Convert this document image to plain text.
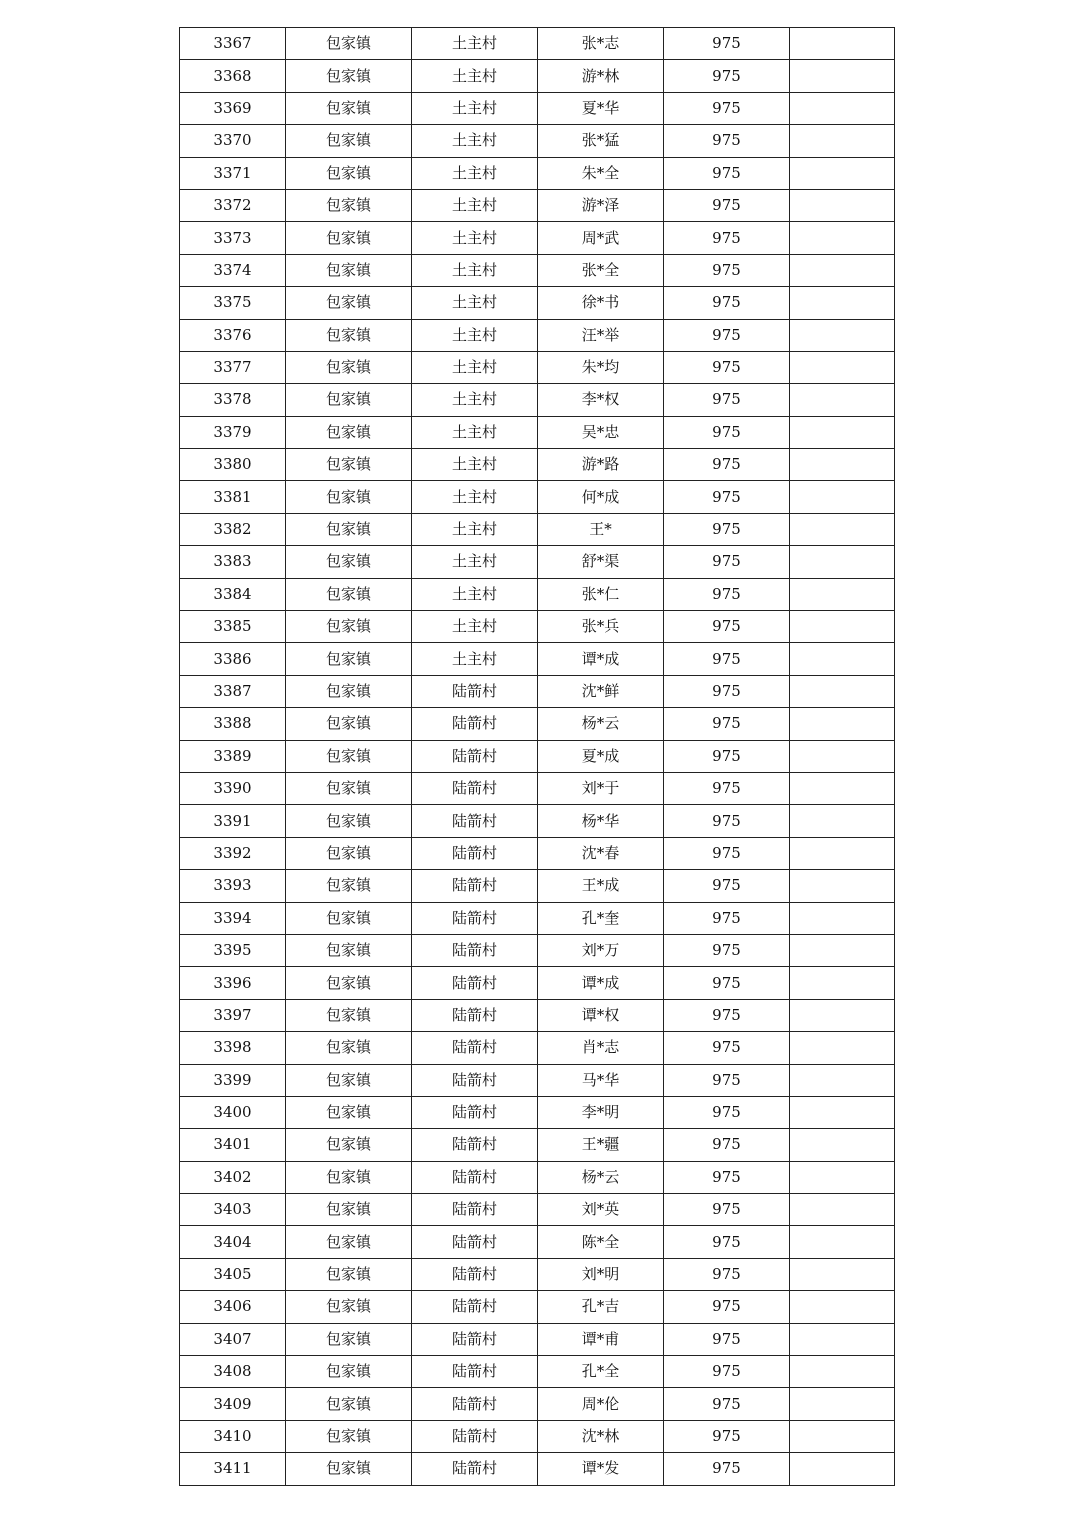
3367	包家镇	土主村	张*志	975	
3368	包家镇	土主村	游*林	975	
3369	包家镇	土主村	夏*华	975	
3370	包家镇	土主村	张*猛	975	
3371	包家镇	土主村	朱*全	975	
3372	包家镇	土主村	游*泽	975	
3373	包家镇	土主村	周*武	975	
3374	包家镇	土主村	张*全	975	
3375	包家镇	土主村	徐*书	975	
3376	包家镇	土主村	汪*举	975	
3377	包家镇	土主村	朱*均	975	
3378	包家镇	土主村	李*权	975	
3379	包家镇	土主村	吴*忠	975	
3380	包家镇	土主村	游*路	975	
3381	包家镇	土主村	何*成	975	
3382	包家镇	土主村	王*	975	
3383	包家镇	土主村	舒*渠	975	
3384	包家镇	土主村	张*仁	975	
3385	包家镇	土主村	张*兵	975	
3386	包家镇	土主村	谭*成	975	
3387	包家镇	陆箭村	沈*鲜	975	
3388	包家镇	陆箭村	杨*云	975	
3389	包家镇	陆箭村	夏*成	975	
3390	包家镇	陆箭村	刘*于	975	
3391	包家镇	陆箭村	杨*华	975	
3392	包家镇	陆箭村	沈*春	975	
3393	包家镇	陆箭村	王*成	975	
3394	包家镇	陆箭村	孔*奎	975	
3395	包家镇	陆箭村	刘*万	975	
3396	包家镇	陆箭村	谭*成	975	
3397	包家镇	陆箭村	谭*权	975	
3398	包家镇	陆箭村	肖*志	975	
3399	包家镇	陆箭村	马*华	975	
3400	包家镇	陆箭村	李*明	975	
3401	包家镇	陆箭村	王*疆	975	
3402	包家镇	陆箭村	杨*云	975	
3403	包家镇	陆箭村	刘*英	975	
3404	包家镇	陆箭村	陈*全	975	
3405	包家镇	陆箭村	刘*明	975	
3406	包家镇	陆箭村	孔*吉	975	
3407	包家镇	陆箭村	谭*甫	975	
3408	包家镇	陆箭村	孔*全	975	
3409	包家镇	陆箭村	周*伦	975	
3410	包家镇	陆箭村	沈*林	975	
3411	包家镇	陆箭村	谭*发	975	
